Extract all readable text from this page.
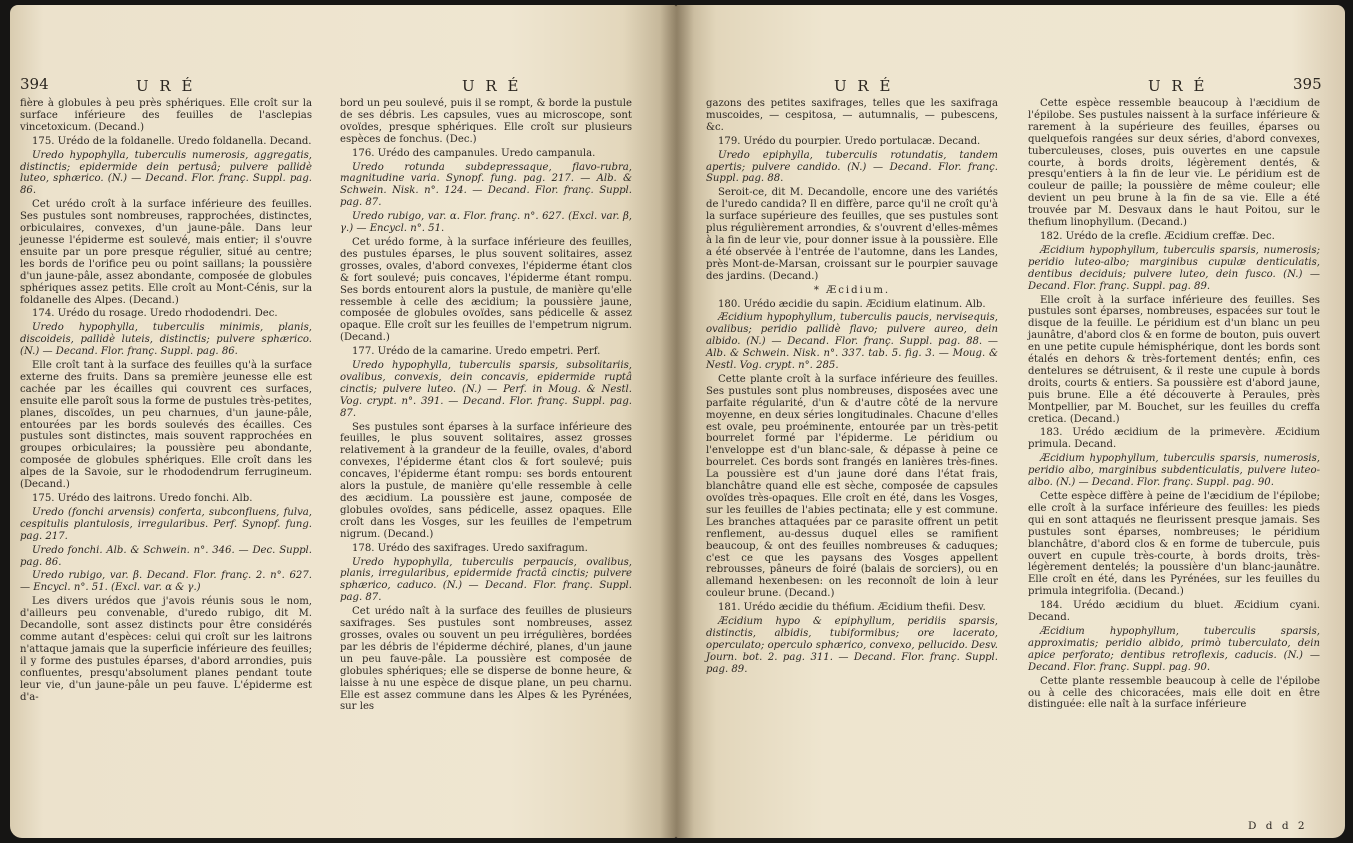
394	U R É	U R É

fière à globules à peu près sphériques. Elle croît sur la surface inférieure des feuilles de l'asclepias vincetoxicum. (Decand.)

175. Urédo de la foldanelle. Uredo foldanella. Decand.

Uredo hypophylla, tuberculis numerosis, aggregatis, distinctis; epidermide dein pertusâ; pulvere pallidè luteo, sphærico. (N.) — Decand. Flor. franç. Suppl. pag. 86.

Cet urédo croît à la surface inférieure des feuilles. Ses pustules sont nombreuses, rapprochées, distinctes, orbiculaires, convexes, d'un jaune-pâle. Dans leur jeunesse l'épiderme est soulevé, mais entier; il s'ouvre ensuite par un pore presque régulier, situé au centre; les bords de l'orifice peu ou point saillans; la poussière d'un jaune-pâle, assez abondante, composée de globules sphériques assez petits. Elle croît au Mont-Cénis, sur la foldanelle des Alpes. (Decand.)

174. Urédo du rosage. Uredo rhododendri. Dec.

Uredo hypophylla, tuberculis minimis, planis, discoideis, pallidè luteis, distinctis; pulvere sphærico. (N.) — Decand. Flor. franç. Suppl. pag. 86.

Elle croît tant à la surface des feuilles qu'à la surface externe des fruits. Dans sa première jeunesse elle est cachée par les écailles qui couvrent ces surfaces, ensuite elle paroît sous la forme de pustules très-petites, planes, discoïdes, un peu charnues, d'un jaune-pâle, entourées par les bords soulevés des écailles. Ces pustules sont distinctes, mais souvent rapprochées en groupes orbiculaires; la poussière peu abondante, composée de globules sphériques. Elle croît dans les alpes de la Savoie, sur le rhododendrum ferrugineum. (Decand.)

175. Urédo des laitrons. Uredo fonchi. Alb.

Uredo (fonchi arvensis) conferta, subconfluens, fulva, cespitulis plantulosis, irregularibus. Perf. Synopf. fung. pag. 217.

Uredo fonchi. Alb. & Schwein. n°. 346. — Dec. Suppl. pag. 86.

Uredo rubigo, var. β. Decand. Flor. franç. 2. n°. 627. — Encycl. n°. 51. (Excl. var. α & γ.)

Les divers urédos que j'avois réunis sous le nom, d'ailleurs peu convenable, d'uredo rubigo, dit M. Decandolle, sont assez distincts pour être considérés comme autant d'espèces: celui qui croît sur les laitrons n'attaque jamais que la superficie inférieure des feuilles; il y forme des pustules éparses, d'abord arrondies, puis confluentes, presqu'absolument planes pendant toute leur vie, d'un jaune-pâle un peu fauve. L'épiderme est d'a-

bord un peu soulevé, puis il se rompt, & borde la pustule de ses débris. Les capsules, vues au microscope, sont ovoïdes, presque sphériques. Elle croît sur plusieurs espèces de fonchus. (Dec.)

176. Urédo des campanules. Uredo campanula.

Uredo rotunda subdepressaque, flavo-rubra, magnitudine varia. Synopf. fung. pag. 217. — Alb. & Schwein. Nisk. n°. 124. — Decand. Flor. franç. Suppl. pag. 87.

Uredo rubigo, var. α. Flor. franç. n°. 627. (Excl. var. β, γ.) — Encycl. n°. 51.

Cet urédo forme, à la surface inférieure des feuilles, des pustules éparses, le plus souvent solitaires, assez grosses, ovales, d'abord convexes, l'épiderme étant clos & fort soulevé; puis concaves, l'épiderme étant rompu. Ses bords entourent alors la pustule, de manière qu'elle ressemble à celle des æcidium; la poussière jaune, composée de globules ovoïdes, sans pédicelle & assez opaque. Elle croît sur les feuilles de l'empetrum nigrum. (Decand.)

177. Urédo de la camarine. Uredo empetri. Perf.

Uredo hypophylla, tuberculis sparsis, subsolitariis, ovalibus, convexis, dein concavis, epidermide ruptâ cinctis; pulvere luteo. (N.) — Perf. in Moug. & Nestl. Vog. crypt. n°. 391. — Decand. Flor. franç. Suppl. pag. 87.

Ses pustules sont éparses à la surface inférieure des feuilles, le plus souvent solitaires, assez grosses relativement à la grandeur de la feuille, ovales, d'abord convexes, l'épiderme étant clos & fort soulevé; puis concaves, l'épiderme étant rompu: ses bords entourent alors la pustule, de manière qu'elle ressemble à celle des æcidium. La poussière est jaune, composée de globules ovoïdes, sans pédicelle, assez opaques. Elle croît dans les Vosges, sur les feuilles de l'empetrum nigrum. (Decand.)

178. Urédo des saxifrages. Uredo saxifragum.

Uredo hypophylla, tuberculis perpaucis, ovalibus, planis, irregularibus, epidermide fractâ cinctis; pulvere sphærico, caduco. (N.) — Decand. Flor. franç. Suppl. pag. 87.

Cet urédo naît à la surface des feuilles de plusieurs saxifrages. Ses pustules sont nombreuses, assez grosses, ovales ou souvent un peu irrégulières, bordées par les débris de l'épiderme déchiré, planes, d'un jaune un peu fauve-pâle. La poussière est composée de globules sphériques; elle se disperse de bonne heure, & laisse à nu une espèce de disque plane, un peu charnu. Elle est assez commune dans les Alpes & les Pyrénées, sur les

U R É	U R É	395

gazons des petites saxifrages, telles que les saxifraga muscoides, — cespitosa, — autumnalis, — pubescens, &c.

179. Urédo du pourpier. Uredo portulacæ. Decand.

Uredo epiphylla, tuberculis rotundatis, tandem apertis; pulvere candido. (N.) — Decand. Flor. franç. Suppl. pag. 88.

Seroit-ce, dit M. Decandolle, encore une des variétés de l'uredo candida? Il en diffère, parce qu'il ne croît qu'à la surface supérieure des feuilles, que ses pustules sont plus régulièrement arrondies, & s'ouvrent d'elles-mêmes à la fin de leur vie, pour donner issue à la poussière. Elle a été observée à l'entrée de l'automne, dans les Landes, près Mont-de-Marsan, croissant sur le pourpier sauvage des jardins. (Decand.)

* Æcidium.

180. Urédo æcidie du sapin. Æcidium elatinum. Alb.

Æcidium hypophyllum, tuberculis paucis, nervisequis, ovalibus; peridio pallidè flavo; pulvere aureo, dein albido. (N.) — Decand. Flor. franç. Suppl. pag. 88. — Alb. & Schwein. Nisk. n°. 337. tab. 5. fig. 3. — Moug. & Nestl. Vog. crypt. n°. 285.

Cette plante croît à la surface inférieure des feuilles. Ses pustules sont plus nombreuses, disposées avec une parfaite régularité, d'un & d'autre côté de la nervure moyenne, en deux séries longitudinales. Chacune d'elles est ovale, peu proéminente, entourée par un très-petit bourrelet formé par l'épiderme. Le péridium ou l'enveloppe est d'un blanc-sale, & dépasse à peine ce bourrelet. Ces bords sont frangés en lanières très-fines. La poussière est d'un jaune doré dans l'état frais, blanchâtre quand elle est sèche, composée de capsules ovoïdes très-opaques. Elle croît en été, dans les Vosges, sur les feuilles de l'abies pectinata; elle y est commune. Les branches attaquées par ce parasite offrent un petit renflement, au-dessus duquel elles se ramifient beaucoup, & ont des feuilles nombreuses & caduques; c'est ce que les paysans des Vosges appellent rebrousses, pâneurs de foiré (balais de sorciers), ou en allemand hexenbesen: on les reconnoît de loin à leur couleur brune. (Decand.)

181. Urédo æcidie du théfium. Æcidium thefii. Desv.

Æcidium hypo & epiphyllum, peridiis sparsis, distinctis, albidis, tubiformibus; ore lacerato, operculato; operculo sphærico, convexo, pellucido. Desv. Journ. bot. 2. pag. 311. — Decand. Flor. franç. Suppl. pag. 89.

Cette espèce ressemble beaucoup à l'æcidium de l'épilobe. Ses pustules naissent à la surface inférieure & rarement à la supérieure des feuilles, éparses ou quelquefois rangées sur deux séries, d'abord convexes, tuberculeuses, closes, puis ouvertes en une capsule courte, à bords droits, légèrement dentés, & presqu'entiers à la fin de leur vie. Le péridium est de couleur de paille; la poussière de même couleur; elle devient un peu brune à la fin de sa vie. Elle a été trouvée par M. Desvaux dans le haut Poitou, sur le thefium linophyllum. (Decand.)

182. Urédo de la crefle. Æcidium creffæ. Dec.

Æcidium hypophyllum, tuberculis sparsis, numerosis; peridio luteo-albo; marginibus cupulæ denticulatis, dentibus deciduis; pulvere luteo, dein fusco. (N.) — Decand. Flor. franç. Suppl. pag. 89.

Elle croît à la surface inférieure des feuilles. Ses pustules sont éparses, nombreuses, espacées sur tout le disque de la feuille. Le péridium est d'un blanc un peu jaunâtre, d'abord clos & en forme de bouton, puis ouvert en une petite cupule hémisphérique, dont les bords sont étalés en dehors & très-fortement dentés; enfin, ces dentelures se détruisent, & il reste une cupule à bords droits, courts & entiers. Sa poussière est d'abord jaune, puis brune. Elle a été découverte à Peraules, près Montpellier, par M. Bouchet, sur les feuilles du creffa cretica. (Decand.)

183. Urédo æcidium de la primevère. Æcidium primula. Decand.

Æcidium hypophyllum, tuberculis sparsis, numerosis, peridio albo, marginibus subdenticulatis, pulvere luteo-albo. (N.) — Decand. Flor. franç. Suppl. pag. 90.

Cette espèce diffère à peine de l'æcidium de l'épilobe; elle croît à la surface inférieure des feuilles: les pieds qui en sont attaqués ne fleurissent presque jamais. Ses pustules sont éparses, nombreuses; le péridium blanchâtre, d'abord clos & en forme de tubercule, puis ouvert en cupule très-courte, à bords droits, très-légèrement dentelés; la poussière d'un blanc-jaunâtre. Elle croît en été, dans les Pyrénées, sur les feuilles du primula integrifolia. (Decand.)

184. Urédo æcidium du bluet. Æcidium cyani. Decand.

Æcidium hypophyllum, tuberculis sparsis, approximatis; peridio albido, primò tuberculato, dein apice perforato; dentibus retroflexis, caducis. (N.) — Decand. Flor. franç. Suppl. pag. 90.

Cette plante ressemble beaucoup à celle de l'épilobe ou à celle des chicoracées, mais elle doit en être distinguée: elle naît à la surface inférieure

D d d 2
